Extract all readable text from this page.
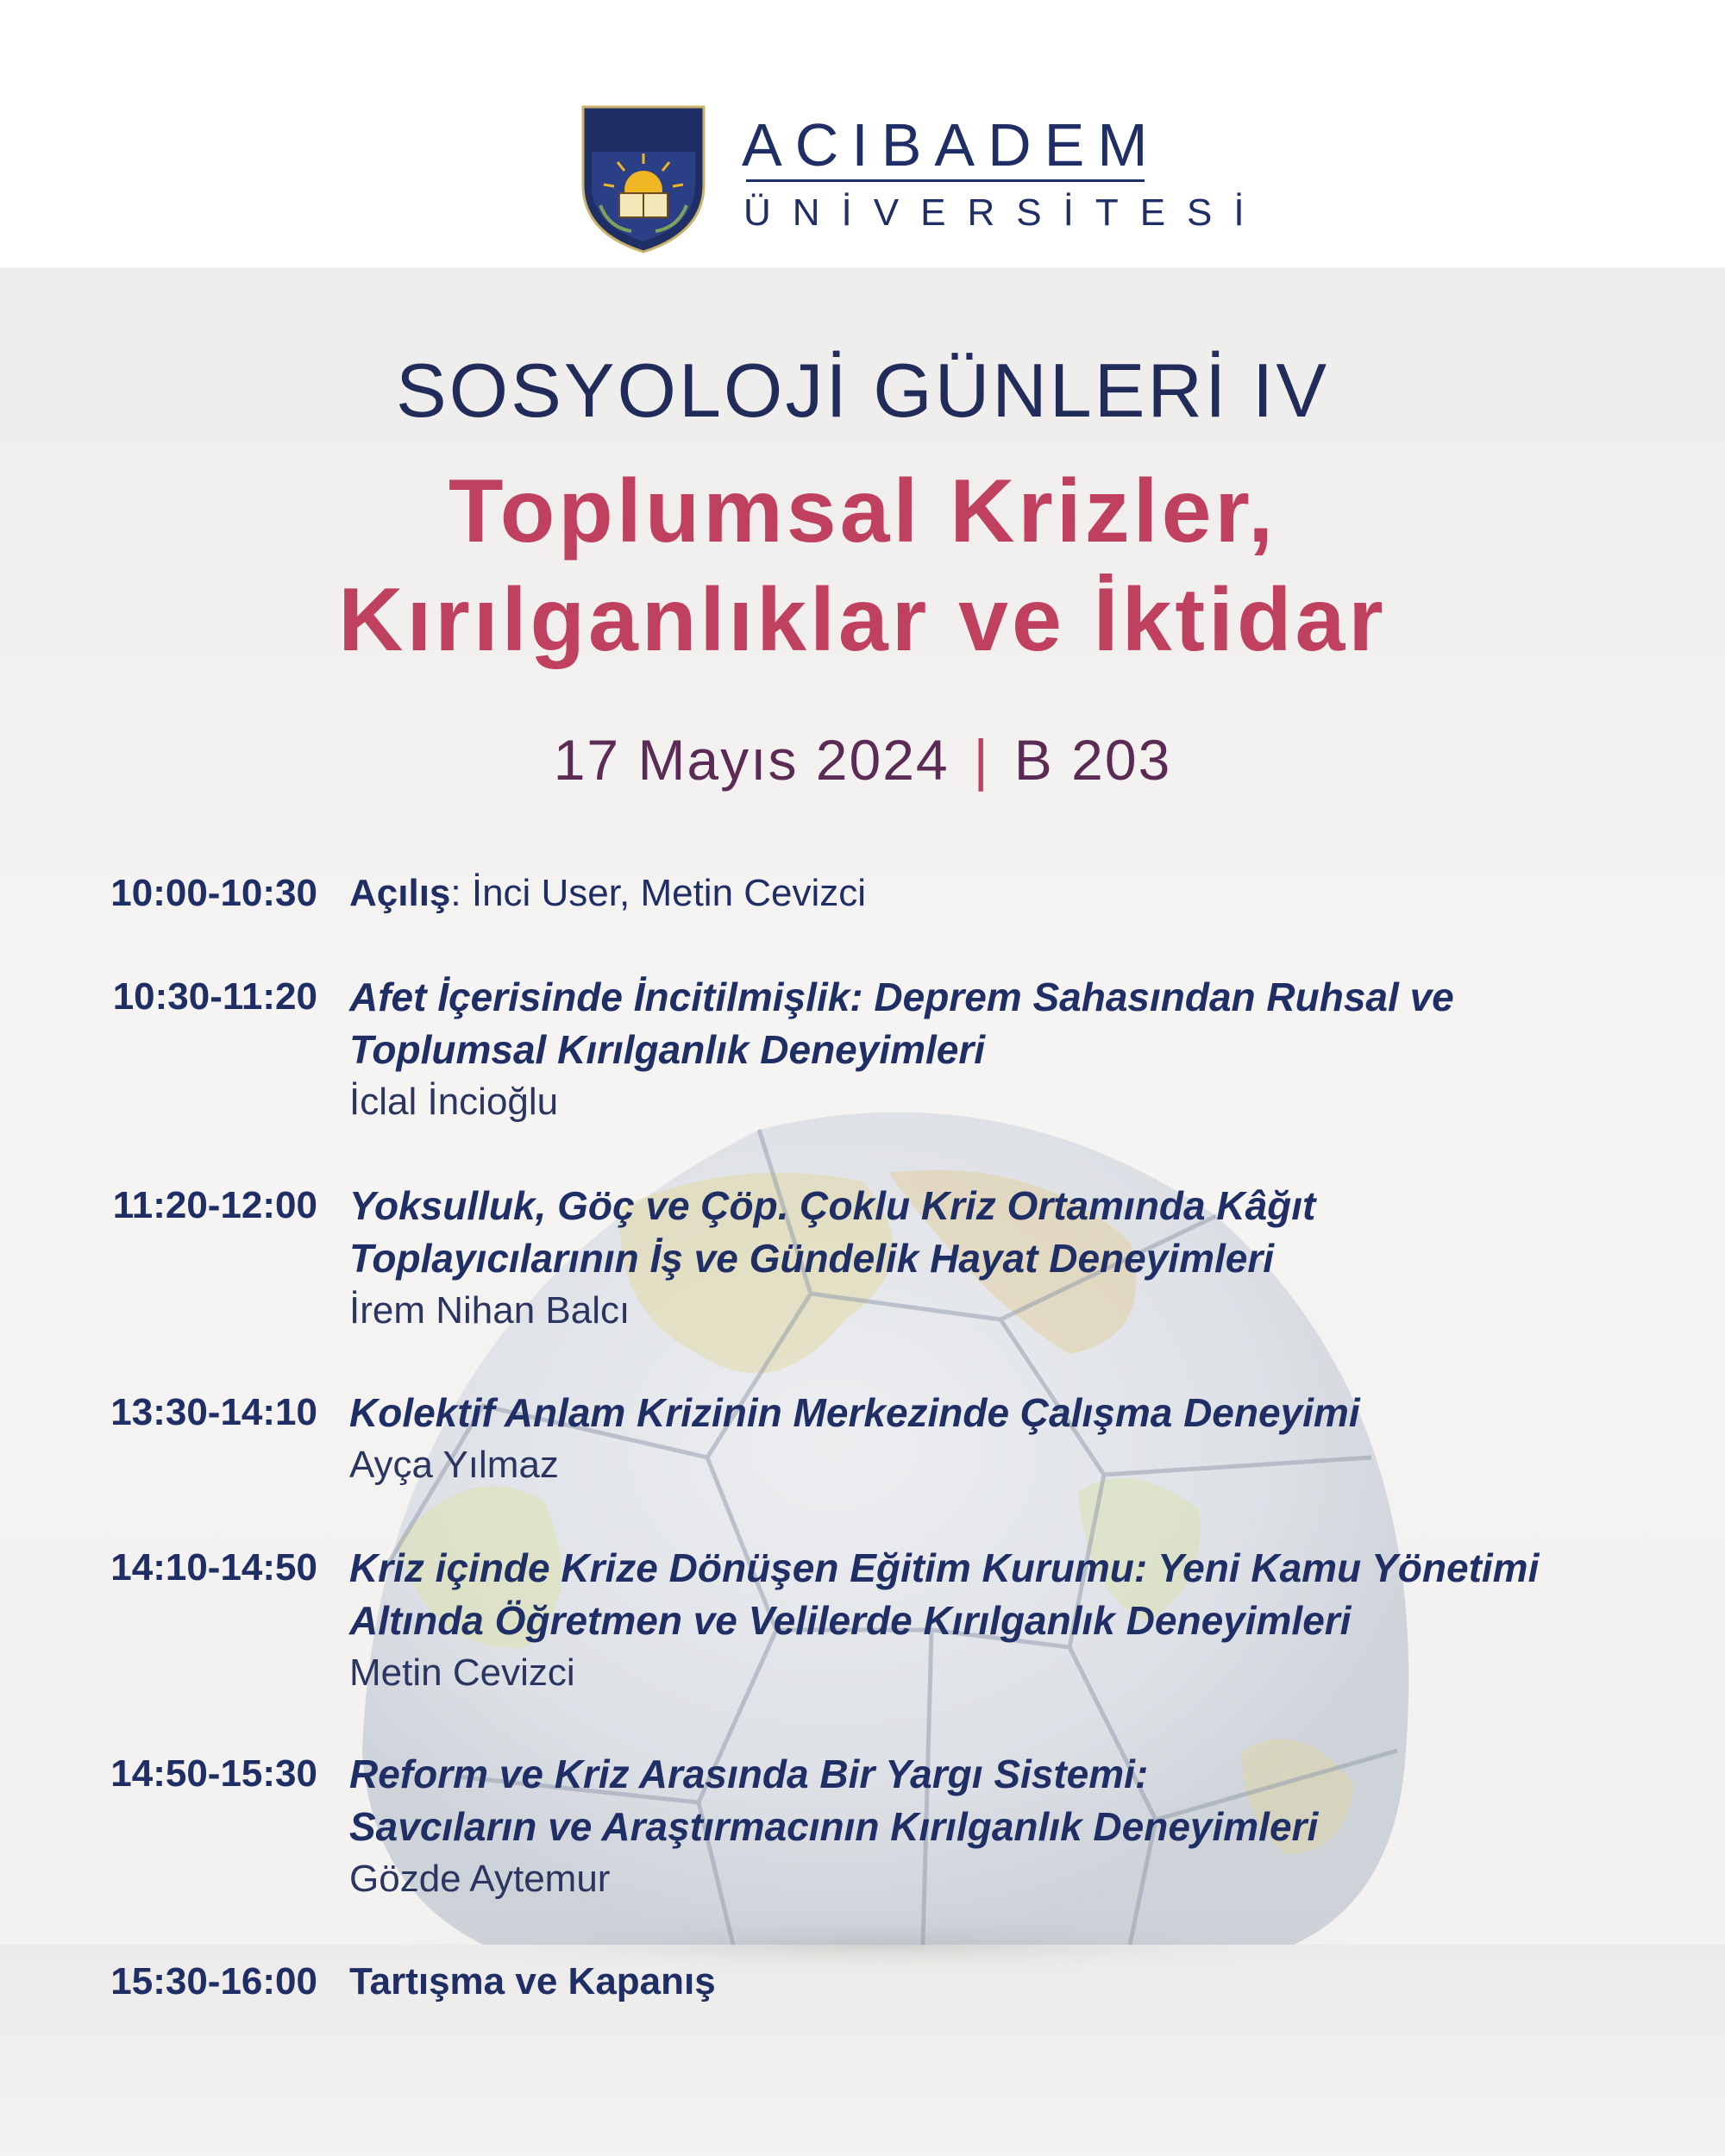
ACIBADEM
ÜNİVERSİTESİ
SOSYOLOJİ GÜNLERİ IV
Toplumsal Krizler,
Kırılganlıklar ve İktidar
17 Mayıs 2024 | B 203
10:00-10:30 Açılış: İnci User, Metin Cevizci
10:30-11:20 Afet İçerisinde İncitilmişlik: Deprem Sahasından Ruhsal ve
Toplumsal Kırılganlık Deneyimleri
İclal İncioğlu
11:20-12:00 Yoksulluk, Göç ve Çöp. Çoklu Kriz Ortamında Kâğıt
Toplayıcılarının İş ve Gündelik Hayat Deneyimleri
İrem Nihan Balcı
13:30-14:10 Kolektif Anlam Krizinin Merkezinde Çalışma Deneyimi
Ayça Yılmaz
14:10-14:50 Kriz içinde Krize Dönüşen Eğitim Kurumu: Yeni Kamu Yönetimi
Altında Öğretmen ve Velilerde Kırılganlık Deneyimleri
Metin Cevizci
14:50-15:30 Reform ve Kriz Arasında Bir Yargı Sistemi:
Savcıların ve Araştırmacının Kırılganlık Deneyimleri
Gözde Aytemur
15:30-16:00 Tartışma ve Kapanış
